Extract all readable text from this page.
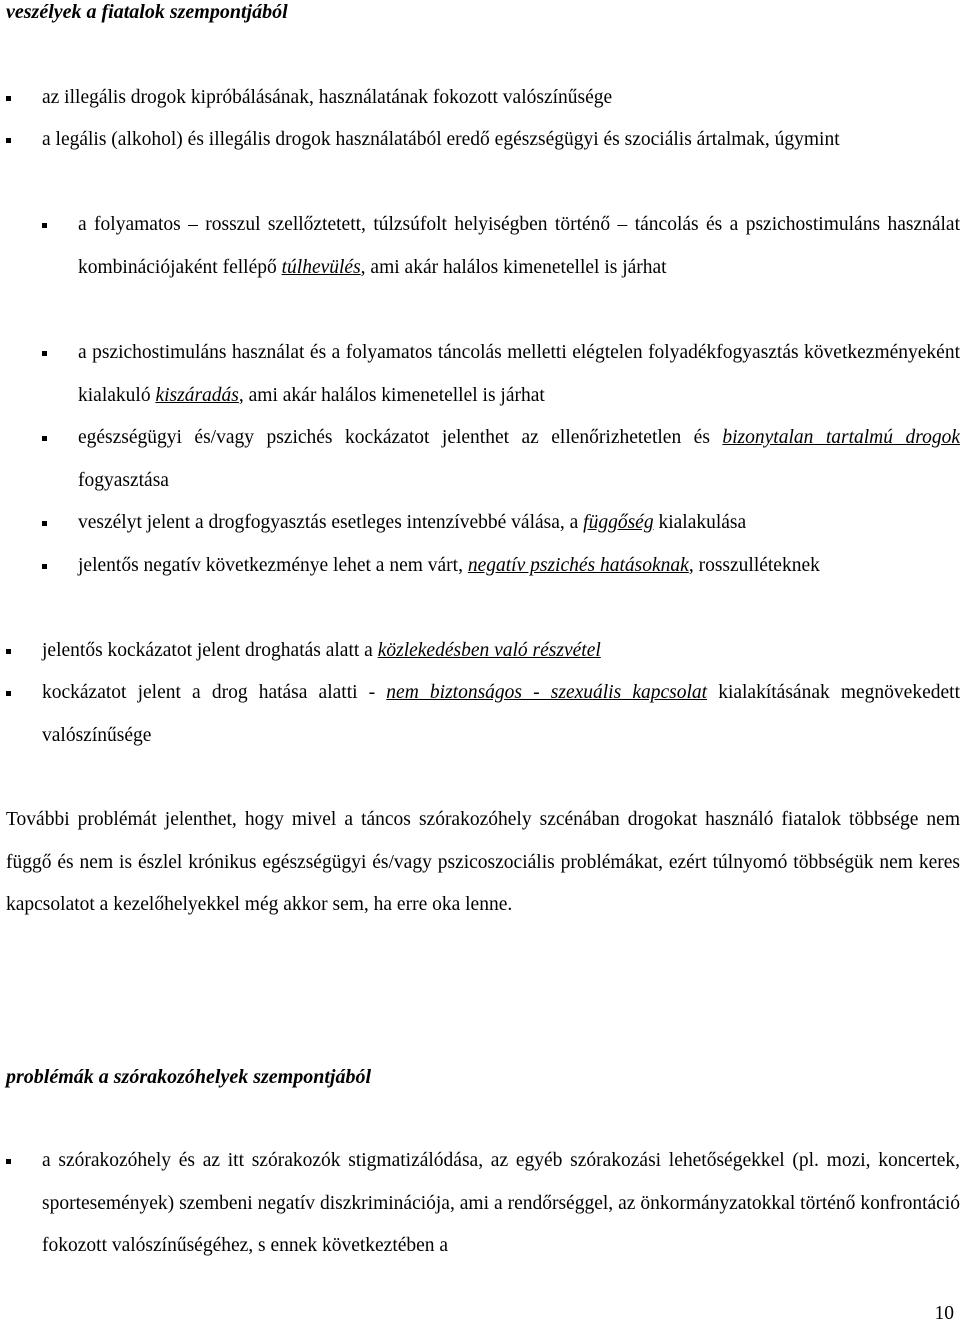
veszélyek a fiatalok szempontjából

az illegális drogok kipróbálásának, használatának fokozott valószínűsége
a legális (alkohol) és illegális drogok használatából eredő egészségügyi és szociális ártalmak, úgymint
a folyamatos – rosszul szellőztetett, túlzsúfolt helyiségben történő – táncolás és a pszichostimuláns használat kombinációjaként fellépő túlhevülés, ami akár halálos kimenetellel is járhat
a pszichostimuláns használat és a folyamatos táncolás melletti elégtelen folyadékfogyasztás következményeként kialakuló kiszáradás, ami akár halálos kimenetellel is járhat
egészségügyi és/vagy pszichés kockázatot jelenthet az ellenőrizhetetlen és bizonytalan tartalmú drogok fogyasztása
veszélyt jelent a drogfogyasztás esetleges intenzívebbé válása, a függőség kialakulása
jelentős negatív következménye lehet a nem várt, negatív pszichés hatásoknak, rosszulléteknek
jelentős kockázatot jelent droghatás alatt a közlekedésben való részvétel
kockázatot jelent a drog hatása alatti - nem biztonságos - szexuális kapcsolat kialakításának megnövekedett valószínűsége

További problémát jelenthet, hogy mivel a táncos szórakozóhely szcénában drogokat használó fiatalok többsége nem függő és nem is észlel krónikus egészségügyi és/vagy pszicoszociális problémákat, ezért túlnyomó többségük nem keres kapcsolatot a kezelőhelyekkel még akkor sem, ha erre oka lenne.

problémák a szórakozóhelyek szempontjából

a szórakozóhely és az itt szórakozók stigmatizálódása, az egyéb szórakozási lehetőségekkel (pl. mozi, koncertek, sportesemények) szembeni negatív diszkriminációja, ami a rendőrséggel, az önkormányzatokkal történő konfrontáció fokozott valószínűségéhez, s ennek következtében a
10
